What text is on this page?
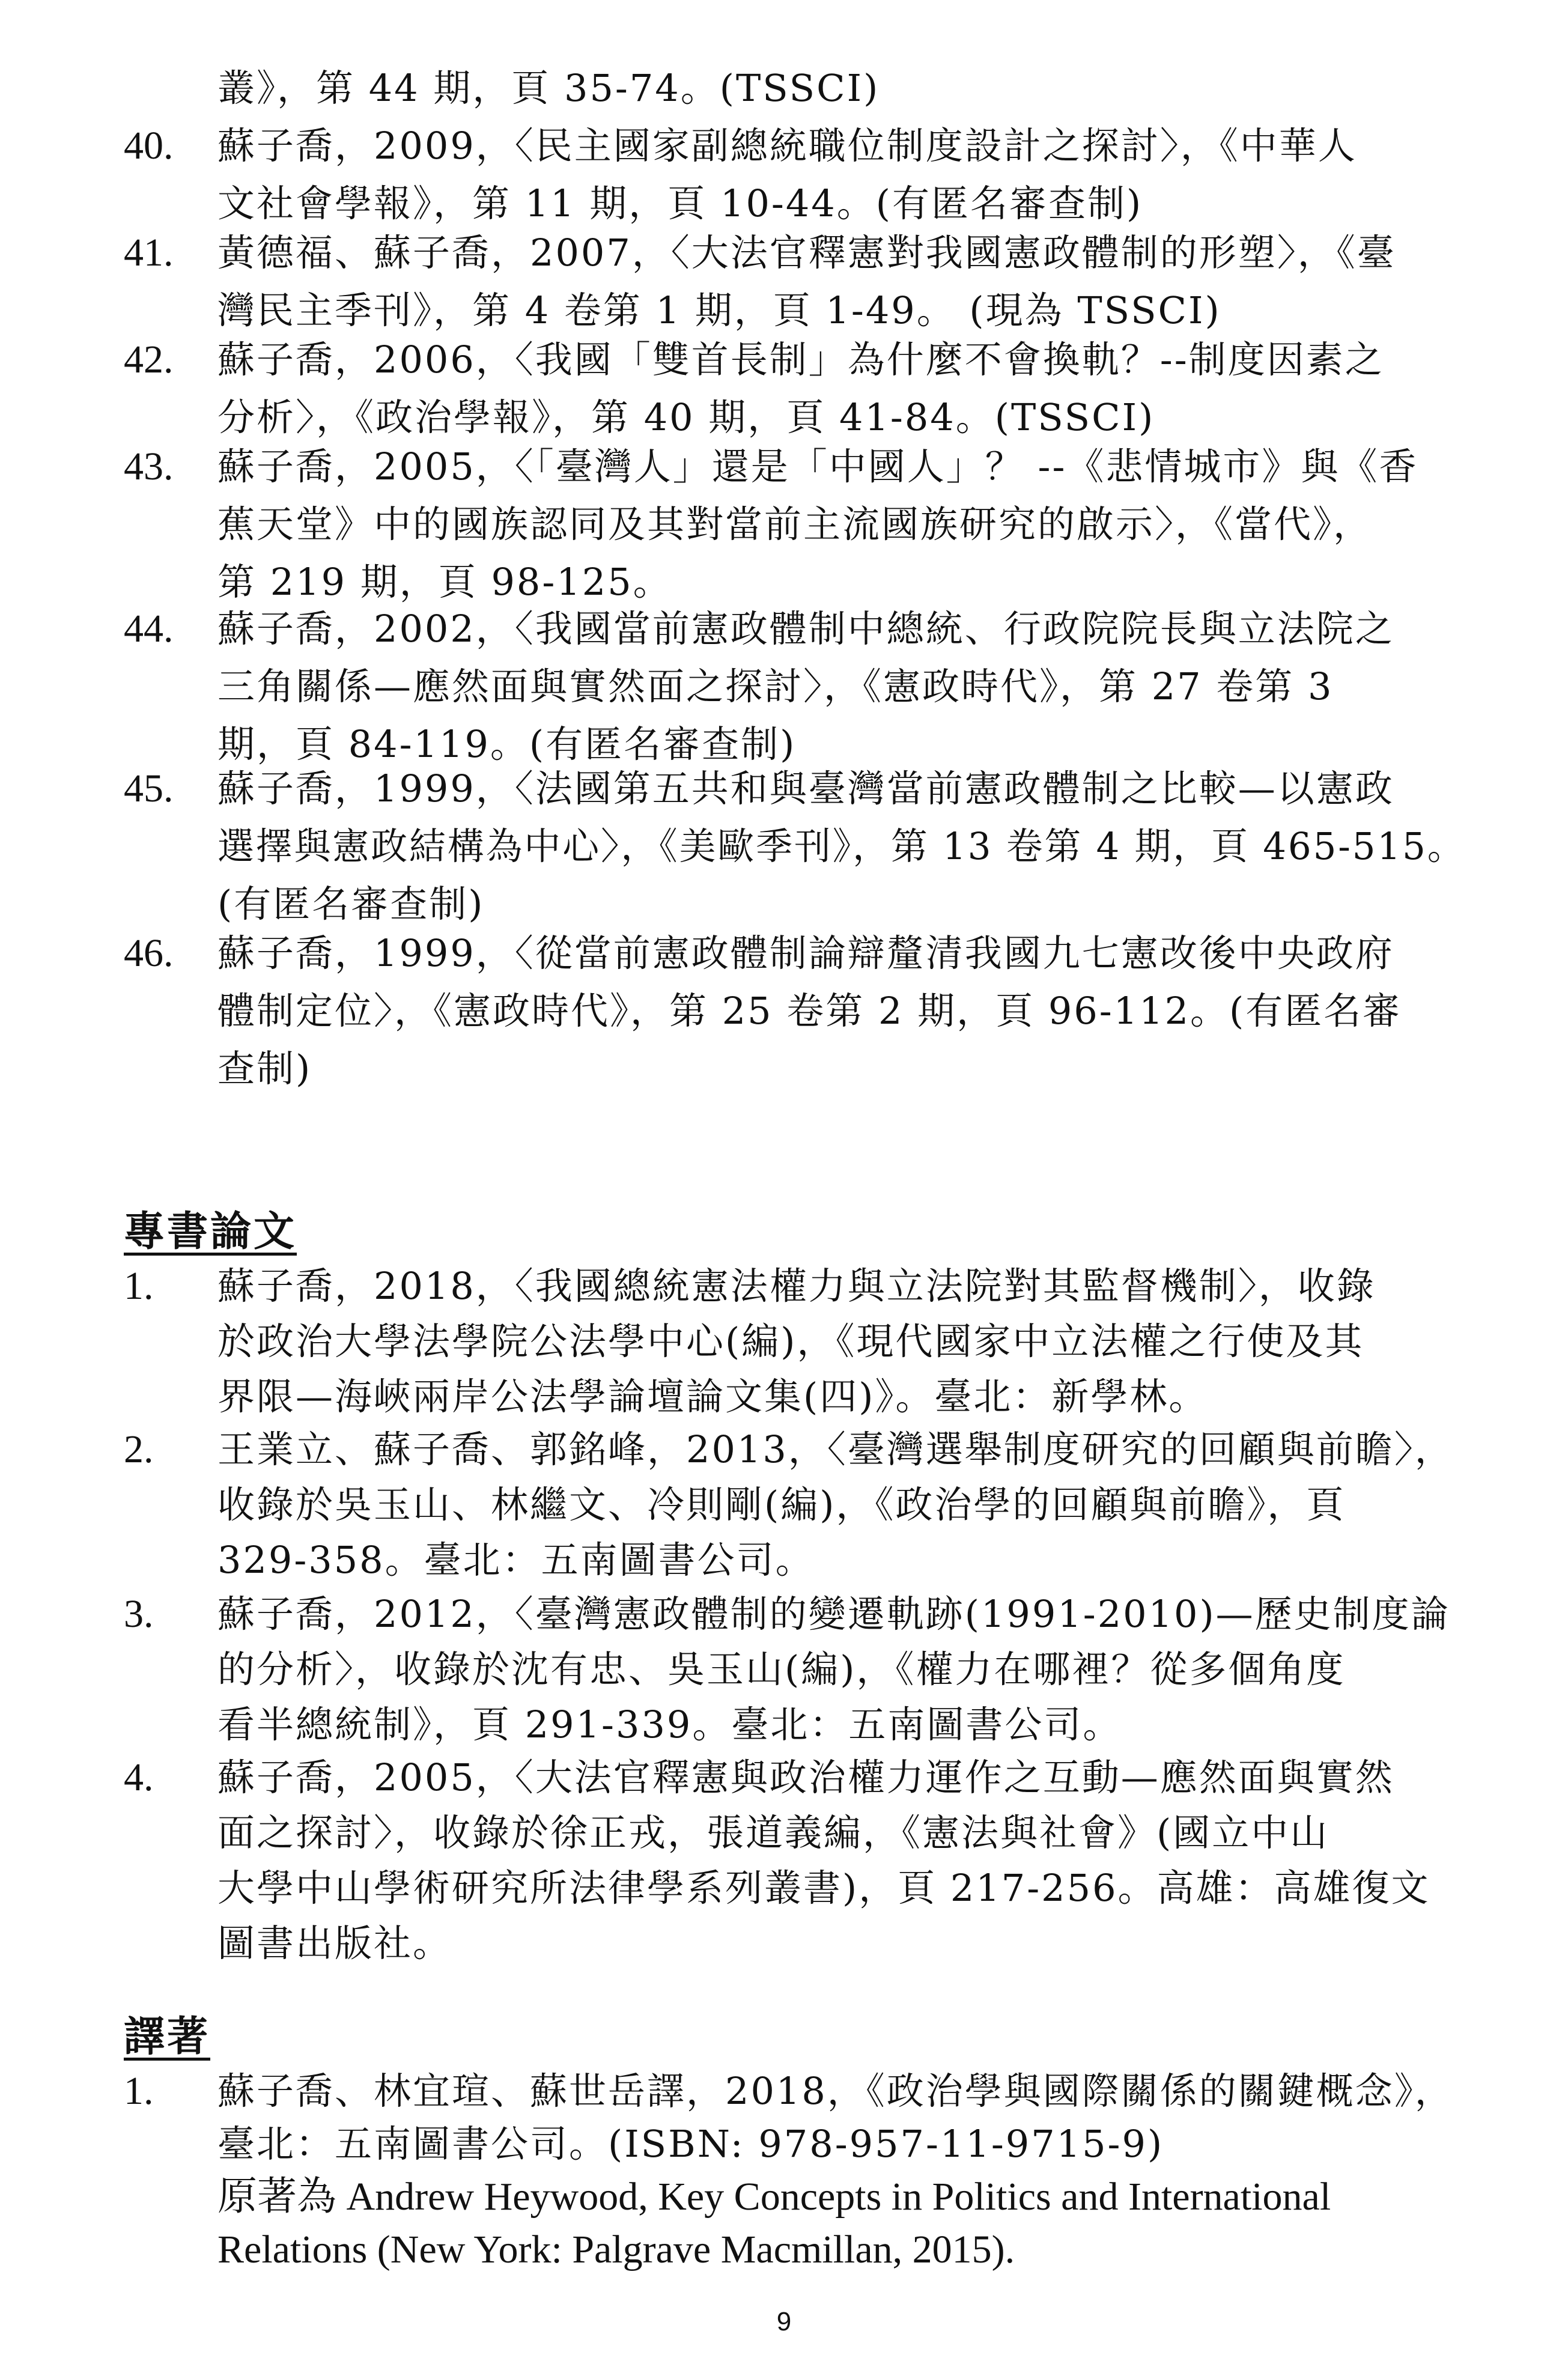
叢》，第 44 期，頁 35-74。(TSSCI)
40. 蘇子喬，2009，〈民主國家副總統職位制度設計之探討〉，《中華人
文社會學報》，第 11 期，頁 10-44。(有匿名審查制)
41. 黃德福、蘇子喬，2007，〈大法官釋憲對我國憲政體制的形塑〉，《臺
灣民主季刊》，第 4 卷第 1 期，頁 1-49。 (現為 TSSCI)
42. 蘇子喬，2006，〈我國「雙首長制」為什麼不會換軌？--制度因素之
分析〉，《政治學報》，第 40 期，頁 41-84。(TSSCI)
43. 蘇子喬，2005，〈「臺灣人」還是「中國人」？ --《悲情城市》與《香
蕉天堂》中的國族認同及其對當前主流國族研究的啟示〉，《當代》，
第 219 期，頁 98-125。
44. 蘇子喬，2002，〈我國當前憲政體制中總統、行政院院長與立法院之
三角關係—應然面與實然面之探討〉，《憲政時代》，第 27 卷第 3
期，頁 84-119。(有匿名審查制)
45. 蘇子喬，1999，〈法國第五共和與臺灣當前憲政體制之比較—以憲政
選擇與憲政結構為中心〉，《美歐季刊》，第 13 卷第 4 期，頁 465-515。
(有匿名審查制)
46. 蘇子喬，1999，〈從當前憲政體制論辯釐清我國九七憲改後中央政府
體制定位〉，《憲政時代》，第 25 卷第 2 期，頁 96-112。(有匿名審
查制)
專書論文
1. 蘇子喬，2018，〈我國總統憲法權力與立法院對其監督機制〉，收錄
於政治大學法學院公法學中心(編)，《現代國家中立法權之行使及其
界限—海峽兩岸公法學論壇論文集(四)》。臺北：新學林。
2. 王業立、蘇子喬、郭銘峰，2013，〈臺灣選舉制度研究的回顧與前瞻〉，
收錄於吳玉山、林繼文、冷則剛(編)，《政治學的回顧與前瞻》，頁
329-358。臺北：五南圖書公司。
3. 蘇子喬，2012，〈臺灣憲政體制的變遷軌跡(1991-2010)—歷史制度論
的分析〉，收錄於沈有忠、吳玉山(編)，《權力在哪裡？從多個角度
看半總統制》，頁 291-339。臺北：五南圖書公司。
4. 蘇子喬，2005，〈大法官釋憲與政治權力運作之互動—應然面與實然
面之探討〉，收錄於徐正戎，張道義編，《憲法與社會》(國立中山
大學中山學術研究所法律學系列叢書)，頁 217-256。高雄：高雄復文
圖書出版社。
譯著
1. 蘇子喬、林宜瑄、蘇世岳譯，2018，《政治學與國際關係的關鍵概念》，
臺北：五南圖書公司。(ISBN: 978-957-11-9715-9)
原著為 Andrew Heywood, Key Concepts in Politics and International
Relations (New York: Palgrave Macmillan, 2015).
9
